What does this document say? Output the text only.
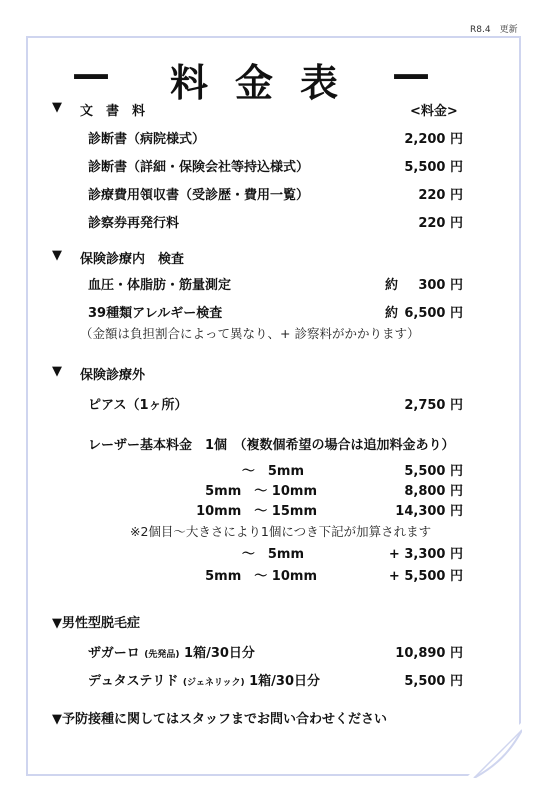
R8.4　更新
— 料 金 表 —
▼ 文　書　料	<料金>
診断書（病院様式）	2,200 円
診断書（詳細・保険会社等持込様式）	5,500 円
診療費用領収書（受診歴・費用一覧）	220 円
診察券再発行料	220 円
▼ 保険診療内　検査
血圧・体脂肪・筋量測定	約 300 円
39種類アレルギー検査	約 6,500 円
（金額は負担割合によって異なり、+ 診察料がかかります）
▼ 保険診療外
ピアス（1ヶ所）	2,750 円
レーザー基本料金　1個　（複数個希望の場合は追加料金あり）
～　5mm	5,500 円
5mm　～ 10mm	8,800 円
10mm　～ 15mm	14,300 円
※2個目～大きさにより1個につき下記が加算されます
～　5mm	+ 3,300 円
5mm　～ 10mm	+ 5,500 円
▼男性型脱毛症
ザガーロ (先発品) 1箱/30日分	10,890 円
デュタステリド (ジェネリック) 1箱/30日分	5,500 円
▼予防接種に関してはスタッフまでお問い合わせください
